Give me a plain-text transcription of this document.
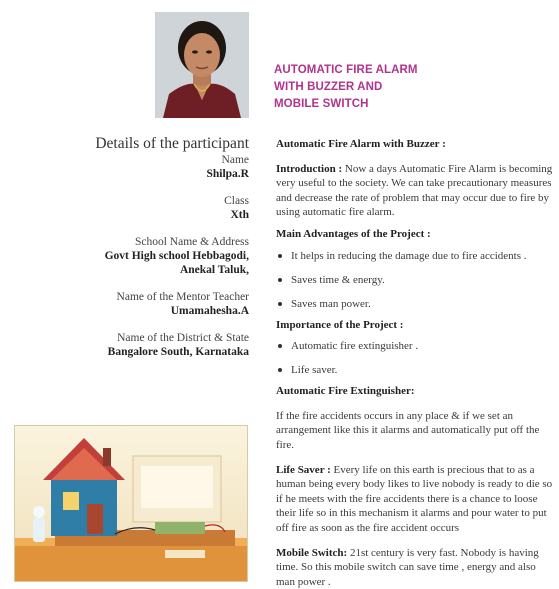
AUTOMATIC FIRE ALARM
WITH BUZZER AND
MOBILE SWITCH
Details of the participant
Name
Shilpa.R
Class
Xth
School Name & Address
Govt High school Hebbagodi,
Anekal Taluk,
Name of the Mentor Teacher
Umamahesha.A
Name of the District & State
Bangalore South, Karnataka

Automatic Fire Alarm with Buzzer :

Introduction : Now a days Automatic Fire Alarm is becoming very useful to the society. We can take precautionary measures and decrease the rate of problem that may occur due to fire by using automatic fire alarm.

Main Advantages of the Project :

It helps in reducing the damage due to fire accidents .
Saves time & energy.
Saves man power.

Importance of the Project :

Automatic fire extinguisher .
Life saver.

Automatic Fire Extinguisher:

If the fire accidents occurs in any place & if we set an arrangement like this it alarms and automatically put off the fire.

Life Saver : Every life on this earth is precious that to as a human being every body likes to live nobody is ready to die so if he meets with the fire accidents there is a chance to loose their life so in this mechanism it alarms and pour water to put off fire as soon as the fire accident occurs

Mobile Switch: 21st century is very fast. Nobody is having time. So this mobile switch can save time , energy and also man power .
